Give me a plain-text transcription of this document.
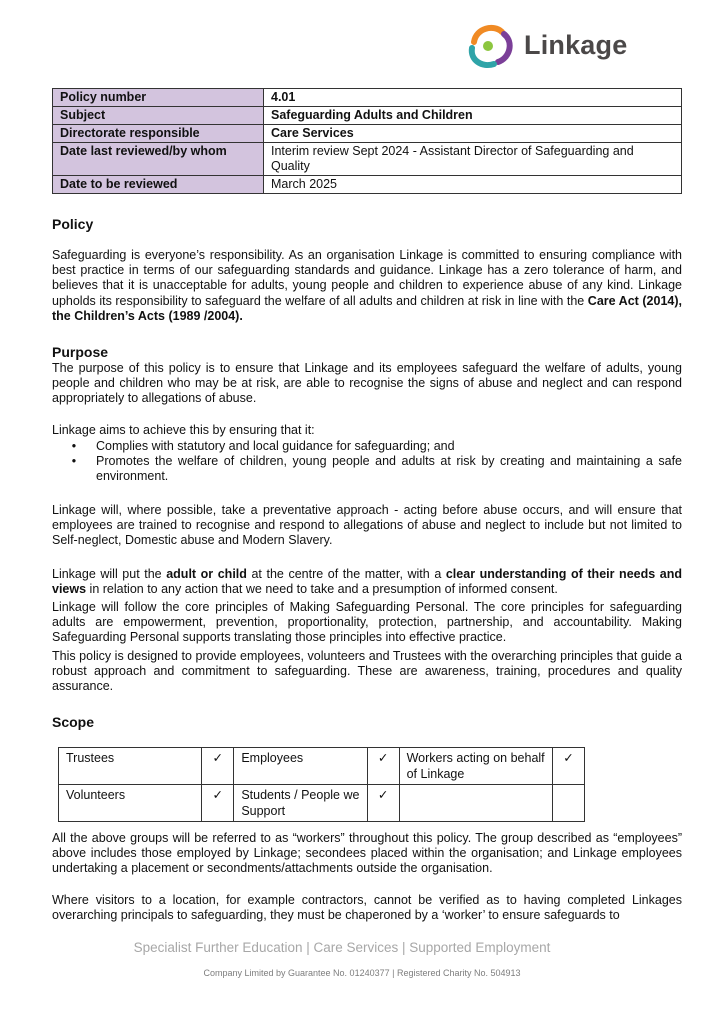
Linkage
Policy number	4.01
Subject	Safeguarding Adults and Children
Directorate responsible	Care Services
Date last reviewed/by whom	Interim review Sept 2024 - Assistant Director of Safeguarding and Quality
Date to be reviewed	March 2025
Policy
Safeguarding is everyone’s responsibility. As an organisation Linkage is committed to ensuring compliance with best practice in terms of our safeguarding standards and guidance. Linkage has a zero tolerance of harm, and believes that it is unacceptable for adults, young people and children to experience abuse of any kind. Linkage upholds its responsibility to safeguard the welfare of all adults and children at risk in line with the Care Act (2014), the Children’s Acts (1989 /2004).
Purpose
The purpose of this policy is to ensure that Linkage and its employees safeguard the welfare of adults, young people and children who may be at risk, are able to recognise the signs of abuse and neglect and can respond appropriately to allegations of abuse.
Linkage aims to achieve this by ensuring that it:
•	Complies with statutory and local guidance for safeguarding; and
•	Promotes the welfare of children, young people and adults at risk by creating and maintaining a safe environment.
Linkage will, where possible, take a preventative approach - acting before abuse occurs, and will ensure that employees are trained to recognise and respond to allegations of abuse and neglect to include but not limited to Self-neglect, Domestic abuse and Modern Slavery.
Linkage will put the adult or child at the centre of the matter, with a clear understanding of their needs and views in relation to any action that we need to take and a presumption of informed consent.
Linkage will follow the core principles of Making Safeguarding Personal. The core principles for safeguarding adults are empowerment, prevention, proportionality, protection, partnership, and accountability. Making Safeguarding Personal supports translating those principles into effective practice.
This policy is designed to provide employees, volunteers and Trustees with the overarching principles that guide a robust approach and commitment to safeguarding. These are awareness, training, procedures and quality assurance.
Scope
Trustees	✓	Employees	✓	Workers acting on behalf of Linkage	✓
Volunteers	✓	Students / People we Support	✓		
All the above groups will be referred to as “workers” throughout this policy. The group described as “employees” above includes those employed by Linkage; secondees placed within the organisation; and Linkage employees undertaking a placement or secondments/attachments outside the organisation.
Where visitors to a location, for example contractors, cannot be verified as to having completed Linkages overarching principals to safeguarding, they must be chaperoned by a ‘worker’ to ensure safeguards to
Specialist Further Education | Care Services | Supported Employment
Company Limited by Guarantee No. 01240377 | Registered Charity No. 504913
